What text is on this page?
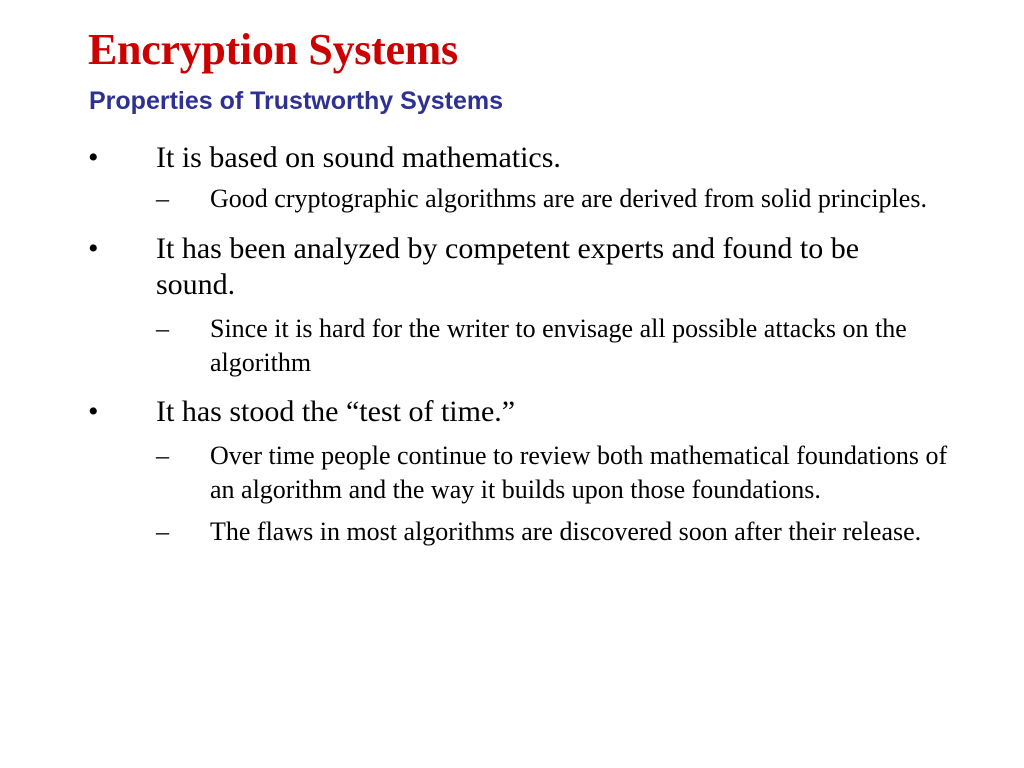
Encryption Systems
Properties of Trustworthy Systems
• It is based on sound mathematics.
– Good cryptographic algorithms are are derived from solid principles.
• It has been analyzed by competent experts and found to be sound.
– Since it is hard for the writer to envisage all possible attacks on the algorithm
• It has stood the “test of time.”
– Over time people continue to review both mathematical foundations of an algorithm and the way it builds upon those foundations.
– The flaws in most algorithms are discovered soon after their release.
